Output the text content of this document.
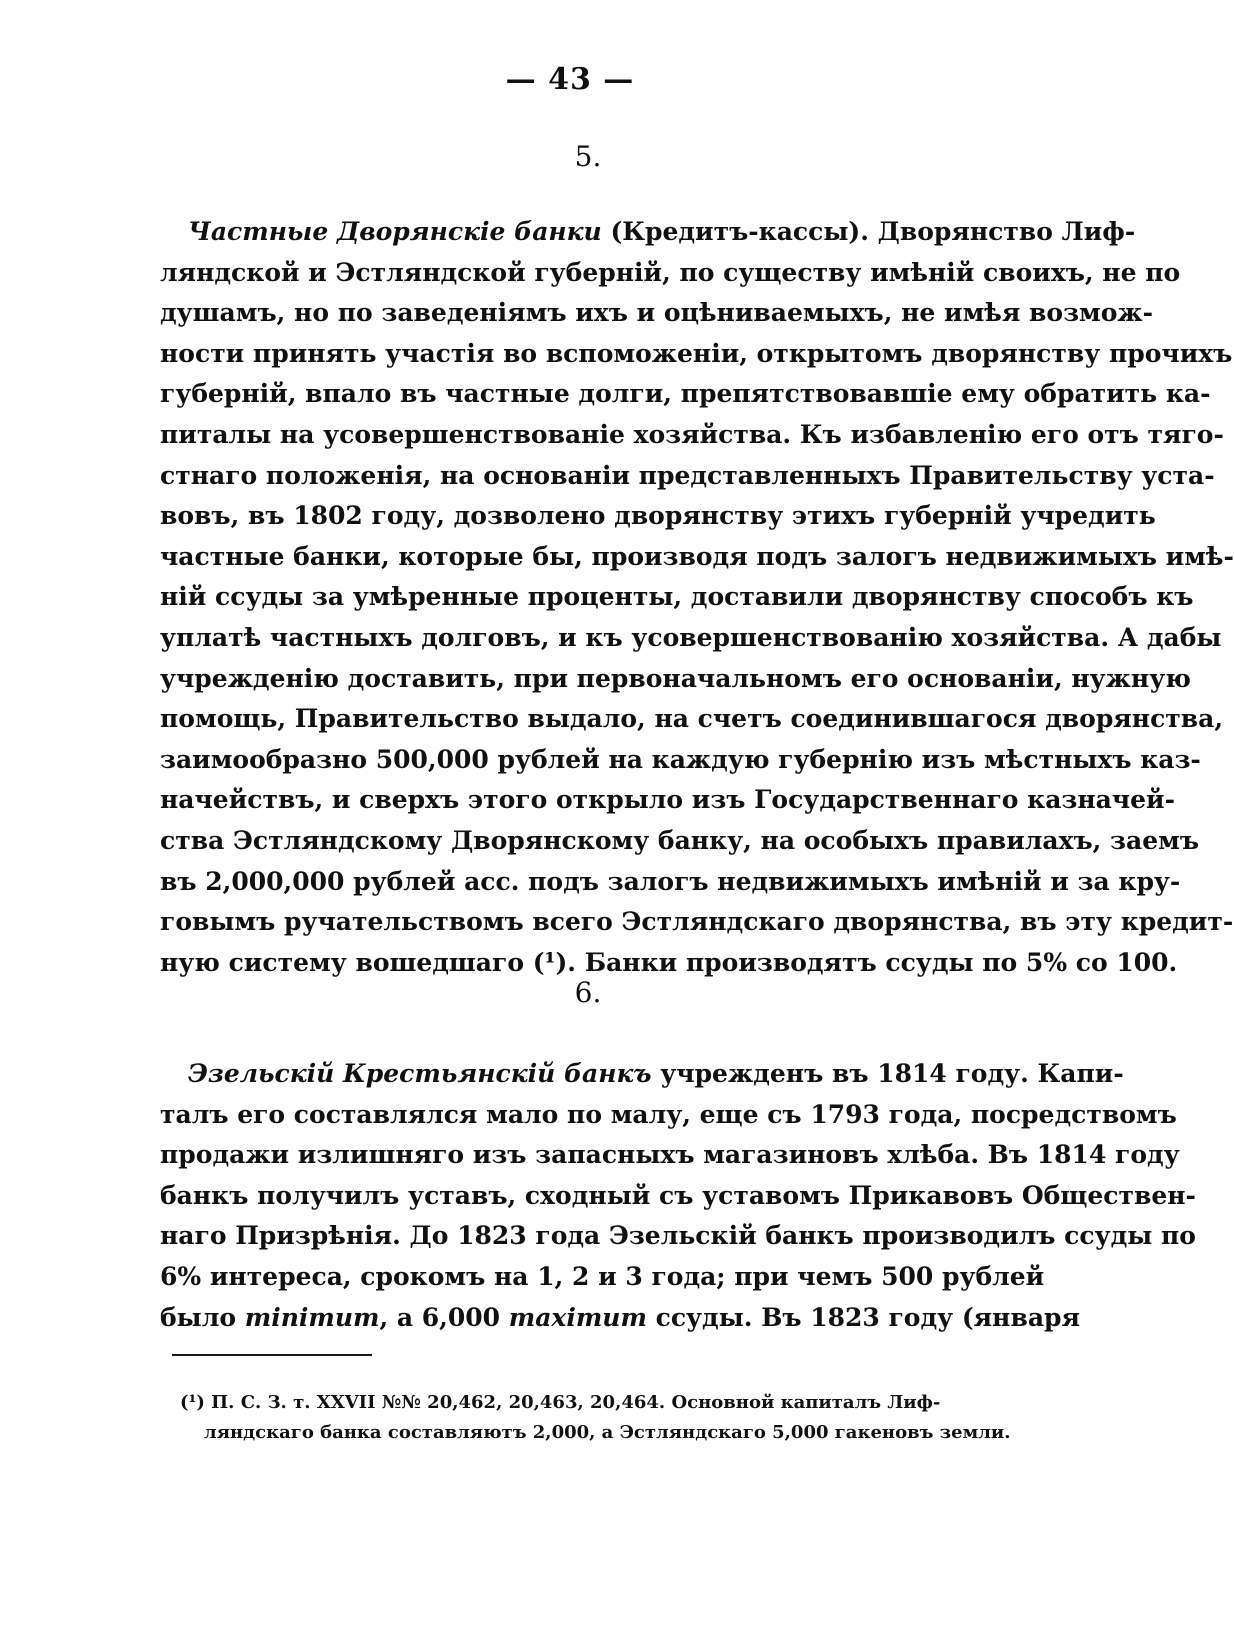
— 43 —
5.
Частные Дворянскіе банки (Кредитъ-кассы). Дворянство Лиф-
ляндской и Эстляндской губерній, по существу имѣній своихъ, не по
душамъ, но по заведеніямъ ихъ и оцѣниваемыхъ, не имѣя возмож-
ности принять участія во вспоможеніи, открытомъ дворянству прочихъ
губерній, впало въ частные долги, препятствовавшіе ему обратить ка-
питалы на усовершенствованіе хозяйства. Къ избавленію его отъ тяго-
стнаго положенія, на основаніи представленныхъ Правительству уста-
вовъ, въ 1802 году, дозволено дворянству этихъ губерній учредить
частные банки, которые бы, производя подъ залогъ недвижимыхъ имѣ-
ній ссуды за умѣренные проценты, доставили дворянству способъ къ
уплатѣ частныхъ долговъ, и къ усовершенствованію хозяйства. А дабы
учрежденію доставить, при первоначальномъ его основаніи, нужную
помощь, Правительство выдало, на счетъ соединившагося дворянства,
заимообразно 500,000 рублей на каждую губернію изъ мѣстныхъ каз-
начействъ, и сверхъ этого открыло изъ Государственнаго казначей-
ства Эстляндскому Дворянскому банку, на особыхъ правилахъ, заемъ
въ 2,000,000 рублей асс. подъ залогъ недвижимыхъ имѣній и за кру-
говымъ ручательствомъ всего Эстляндскаго дворянства, въ эту кредит-
ную систему вошедшаго (¹). Банки производятъ ссуды по 5% со 100.
6.
Эзельскій Крестьянскій банкъ учрежденъ въ 1814 году. Капи-
талъ его составлялся мало по малу, еще съ 1793 года, посредствомъ
продажи излишняго изъ запасныхъ магазиновъ хлѣба. Въ 1814 году
банкъ получилъ уставъ, сходный съ уставомъ Прикавовъ Обществен-
наго Призрѣнія. До 1823 года Эзельскій банкъ производилъ ссуды по
6% интереса, срокомъ на 1, 2 и 3 года; при чемъ 500 рублей
было minimum, а 6,000 maximum ссуды. Въ 1823 году (января
(¹) П. С. З. т. XXVII №№ 20,462, 20,463, 20,464. Основной капиталъ Лиф-
ляндскаго банка составляютъ 2,000, а Эстляндскаго 5,000 гакеновъ земли.
